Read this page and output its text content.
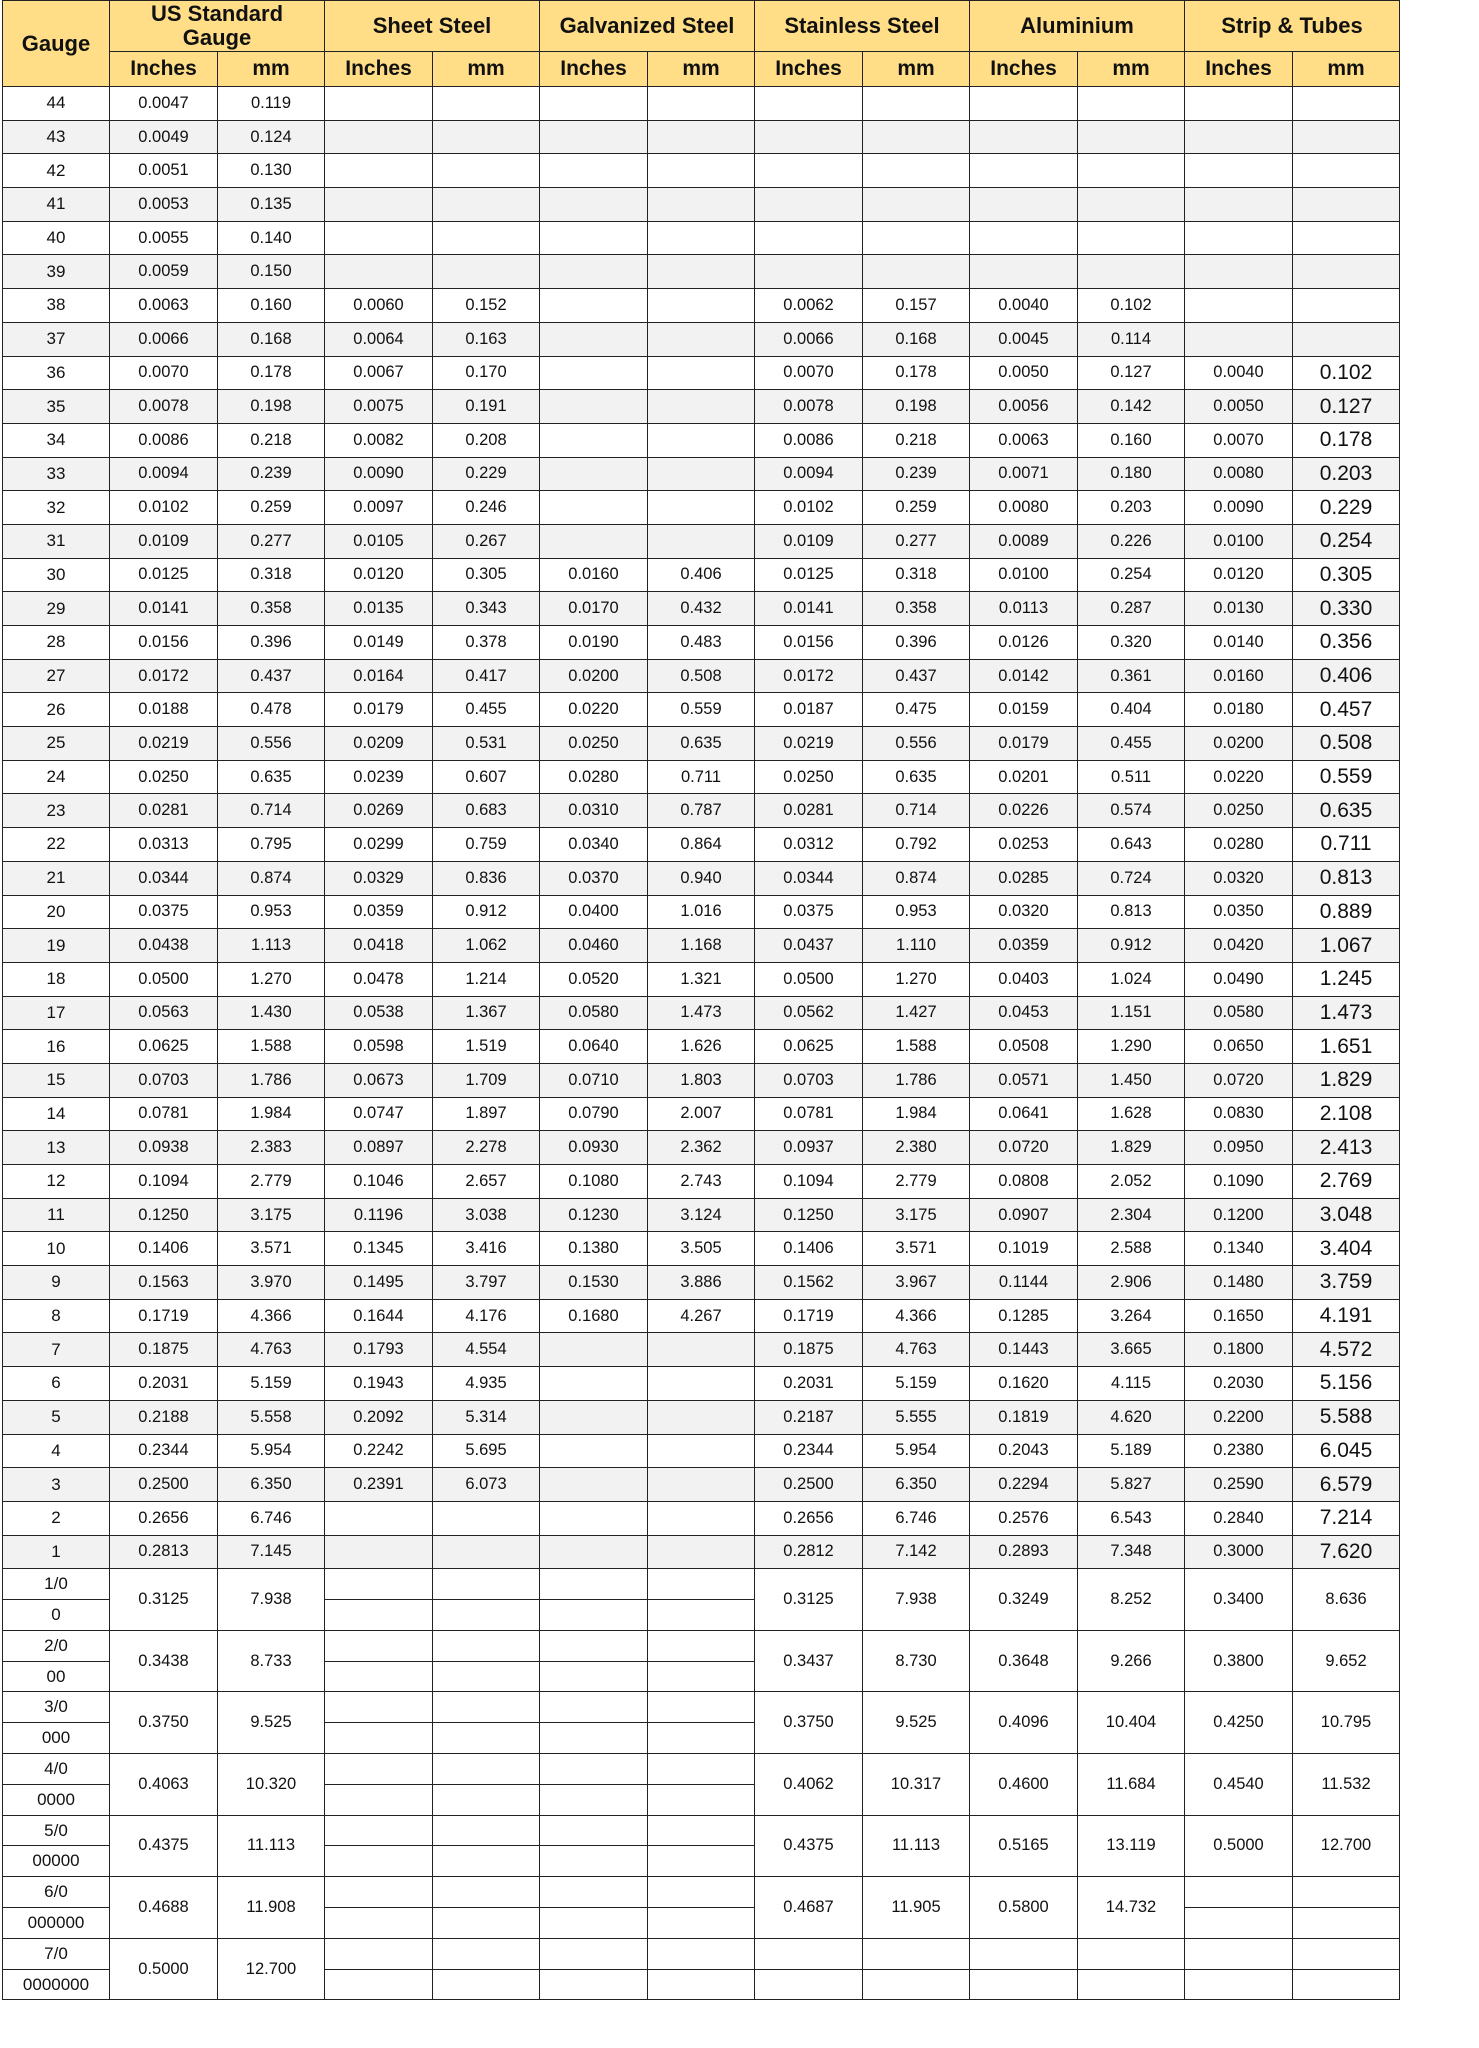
Gauge	US Standard Gauge		Sheet Steel		Galvanized Steel		Stainless Steel		Aluminium		Strip & Tubes	
	Inches	mm	Inches	mm	Inches	mm	Inches	mm	Inches	mm	Inches	mm
44	0.0047	0.119										
43	0.0049	0.124										
42	0.0051	0.130										
41	0.0053	0.135										
40	0.0055	0.140										
39	0.0059	0.150										
38	0.0063	0.160	0.0060	0.152			0.0062	0.157	0.0040	0.102		
37	0.0066	0.168	0.0064	0.163			0.0066	0.168	0.0045	0.114		
36	0.0070	0.178	0.0067	0.170			0.0070	0.178	0.0050	0.127	0.0040	0.102
35	0.0078	0.198	0.0075	0.191			0.0078	0.198	0.0056	0.142	0.0050	0.127
34	0.0086	0.218	0.0082	0.208			0.0086	0.218	0.0063	0.160	0.0070	0.178
33	0.0094	0.239	0.0090	0.229			0.0094	0.239	0.0071	0.180	0.0080	0.203
32	0.0102	0.259	0.0097	0.246			0.0102	0.259	0.0080	0.203	0.0090	0.229
31	0.0109	0.277	0.0105	0.267			0.0109	0.277	0.0089	0.226	0.0100	0.254
30	0.0125	0.318	0.0120	0.305	0.0160	0.406	0.0125	0.318	0.0100	0.254	0.0120	0.305
29	0.0141	0.358	0.0135	0.343	0.0170	0.432	0.0141	0.358	0.0113	0.287	0.0130	0.330
28	0.0156	0.396	0.0149	0.378	0.0190	0.483	0.0156	0.396	0.0126	0.320	0.0140	0.356
27	0.0172	0.437	0.0164	0.417	0.0200	0.508	0.0172	0.437	0.0142	0.361	0.0160	0.406
26	0.0188	0.478	0.0179	0.455	0.0220	0.559	0.0187	0.475	0.0159	0.404	0.0180	0.457
25	0.0219	0.556	0.0209	0.531	0.0250	0.635	0.0219	0.556	0.0179	0.455	0.0200	0.508
24	0.0250	0.635	0.0239	0.607	0.0280	0.711	0.0250	0.635	0.0201	0.511	0.0220	0.559
23	0.0281	0.714	0.0269	0.683	0.0310	0.787	0.0281	0.714	0.0226	0.574	0.0250	0.635
22	0.0313	0.795	0.0299	0.759	0.0340	0.864	0.0312	0.792	0.0253	0.643	0.0280	0.711
21	0.0344	0.874	0.0329	0.836	0.0370	0.940	0.0344	0.874	0.0285	0.724	0.0320	0.813
20	0.0375	0.953	0.0359	0.912	0.0400	1.016	0.0375	0.953	0.0320	0.813	0.0350	0.889
19	0.0438	1.113	0.0418	1.062	0.0460	1.168	0.0437	1.110	0.0359	0.912	0.0420	1.067
18	0.0500	1.270	0.0478	1.214	0.0520	1.321	0.0500	1.270	0.0403	1.024	0.0490	1.245
17	0.0563	1.430	0.0538	1.367	0.0580	1.473	0.0562	1.427	0.0453	1.151	0.0580	1.473
16	0.0625	1.588	0.0598	1.519	0.0640	1.626	0.0625	1.588	0.0508	1.290	0.0650	1.651
15	0.0703	1.786	0.0673	1.709	0.0710	1.803	0.0703	1.786	0.0571	1.450	0.0720	1.829
14	0.0781	1.984	0.0747	1.897	0.0790	2.007	0.0781	1.984	0.0641	1.628	0.0830	2.108
13	0.0938	2.383	0.0897	2.278	0.0930	2.362	0.0937	2.380	0.0720	1.829	0.0950	2.413
12	0.1094	2.779	0.1046	2.657	0.1080	2.743	0.1094	2.779	0.0808	2.052	0.1090	2.769
11	0.1250	3.175	0.1196	3.038	0.1230	3.124	0.1250	3.175	0.0907	2.304	0.1200	3.048
10	0.1406	3.571	0.1345	3.416	0.1380	3.505	0.1406	3.571	0.1019	2.588	0.1340	3.404
9	0.1563	3.970	0.1495	3.797	0.1530	3.886	0.1562	3.967	0.1144	2.906	0.1480	3.759
8	0.1719	4.366	0.1644	4.176	0.1680	4.267	0.1719	4.366	0.1285	3.264	0.1650	4.191
7	0.1875	4.763	0.1793	4.554			0.1875	4.763	0.1443	3.665	0.1800	4.572
6	0.2031	5.159	0.1943	4.935			0.2031	5.159	0.1620	4.115	0.2030	5.156
5	0.2188	5.558	0.2092	5.314			0.2187	5.555	0.1819	4.620	0.2200	5.588
4	0.2344	5.954	0.2242	5.695			0.2344	5.954	0.2043	5.189	0.2380	6.045
3	0.2500	6.350	0.2391	6.073			0.2500	6.350	0.2294	5.827	0.2590	6.579
2	0.2656	6.746					0.2656	6.746	0.2576	6.543	0.2840	7.214
1	0.2813	7.145					0.2812	7.142	0.2893	7.348	0.3000	7.620
1/0	0.3125	7.938					0.3125	7.938	0.3249	8.252	0.3400	8.636
0												
2/0	0.3438	8.733					0.3437	8.730	0.3648	9.266	0.3800	9.652
00												
3/0	0.3750	9.525					0.3750	9.525	0.4096	10.404	0.4250	10.795
000												
4/0	0.4063	10.320					0.4062	10.317	0.4600	11.684	0.4540	11.532
0000												
5/0	0.4375	11.113					0.4375	11.113	0.5165	13.119	0.5000	12.700
00000												
6/0	0.4688	11.908					0.4687	11.905	0.5800	14.732		
000000												
7/0	0.5000	12.700										
0000000												
